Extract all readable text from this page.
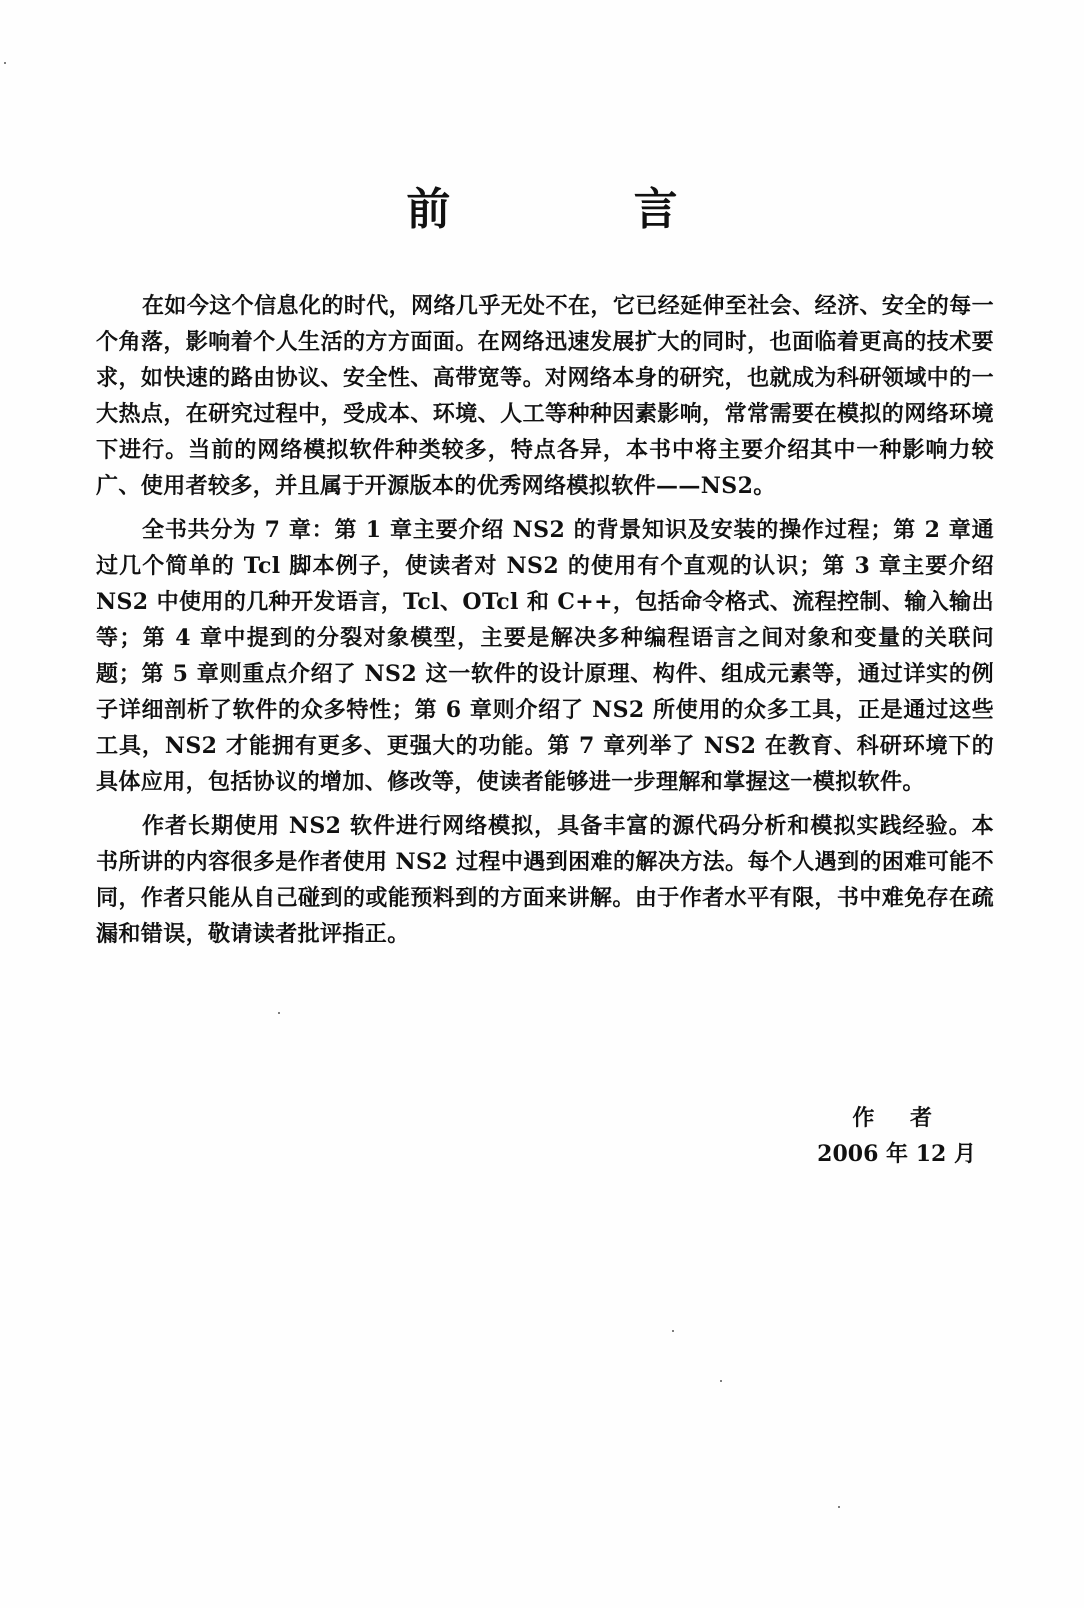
前 言

在如今这个信息化的时代，网络几乎无处不在，它已经延伸至社会、经济、安全的每一个角落，影响着个人生活的方方面面。在网络迅速发展扩大的同时，也面临着更高的技术要求，如快速的路由协议、安全性、高带宽等。对网络本身的研究，也就成为科研领域中的一大热点，在研究过程中，受成本、环境、人工等种种因素影响，常常需要在模拟的网络环境下进行。当前的网络模拟软件种类较多，特点各异，本书中将主要介绍其中一种影响力较广、使用者较多，并且属于开源版本的优秀网络模拟软件——NS2。

全书共分为 7 章：第 1 章主要介绍 NS2 的背景知识及安装的操作过程；第 2 章通过几个简单的 Tcl 脚本例子，使读者对 NS2 的使用有个直观的认识；第 3 章主要介绍 NS2 中使用的几种开发语言，Tcl、OTcl 和 C++，包括命令格式、流程控制、输入输出等；第 4 章中提到的分裂对象模型，主要是解决多种编程语言之间对象和变量的关联问题；第 5 章则重点介绍了 NS2 这一软件的设计原理、构件、组成元素等，通过详实的例子详细剖析了软件的众多特性；第 6 章则介绍了 NS2 所使用的众多工具，正是通过这些工具，NS2 才能拥有更多、更强大的功能。第 7 章列举了 NS2 在教育、科研环境下的具体应用，包括协议的增加、修改等，使读者能够进一步理解和掌握这一模拟软件。

作者长期使用 NS2 软件进行网络模拟，具备丰富的源代码分析和模拟实践经验。本书所讲的内容很多是作者使用 NS2 过程中遇到困难的解决方法。每个人遇到的困难可能不同，作者只能从自己碰到的或能预料到的方面来讲解。由于作者水平有限，书中难免存在疏漏和错误，敬请读者批评指正。

作 者
2006 年 12 月
